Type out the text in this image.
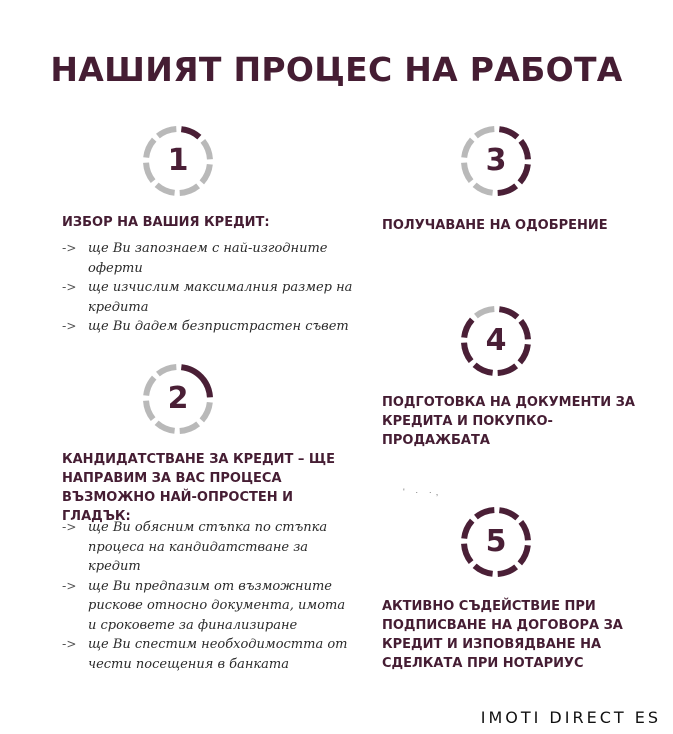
НАШИЯТ ПРОЦЕС НА РАБОТА
1

ИЗБОР НА ВАШИЯ КРЕДИТ:

-> ще Ви запознаем с най-изгодните оферти
-> ще изчислим максималния размер на кредита
-> ще Ви дадем безпристрастен съвет
2

КАНДИДАТСТВАНЕ ЗА КРЕДИТ – ЩЕ НАПРАВИМ ЗА ВАС ПРОЦЕСА ВЪЗМОЖНО НАЙ-ОПРОСТЕН И ГЛАДЪК:

-> ще Ви обясним стъпка по стъпка процеса на кандидатстване за кредит
-> ще Ви предпазим от възможните рискове относно документа, имота и сроковете за финализиране
-> ще Ви спестим необходимостта от чести посещения в банката
3

ПОЛУЧАВАНЕ НА ОДОБРЕНИЕ

4

ПОДГОТОВКА НА ДОКУМЕНТИ ЗА КРЕДИТА И ПОКУПКО-ПРОДАЖБАТА

' · ·,
5

АКТИВНО СЪДЕЙСТВИЕ ПРИ ПОДПИСВАНЕ НА ДОГОВОРА ЗА КРЕДИТ И ИЗПОВЯДВАНЕ НА СДЕЛКАТА ПРИ НОТАРИУС

IMOTI DIRECT ES
